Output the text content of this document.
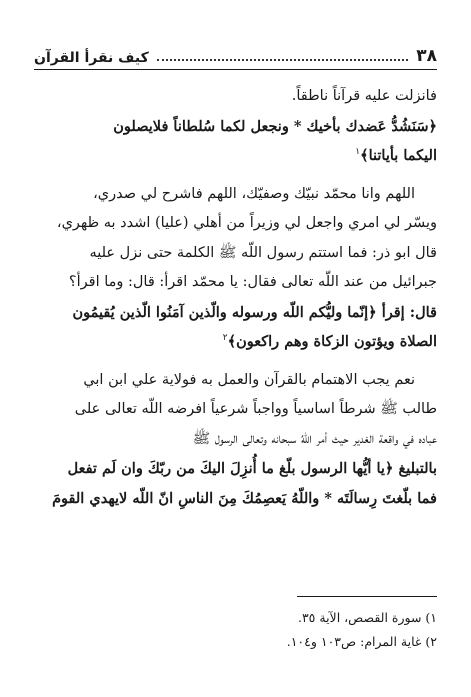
٣٨
كيف نقرأ القرآن

فانزلت عليه قرآناً ناطقاً.

﴿سَنَشُدُّ عَضدك بأخيك * ونجعل لكما سُلطاناً فلايصلون

اليكما بأياتنا﴾$^١$

اللهم وانا محمّد نبيّك وصفيّك، اللهم فاشرح لي صدري،

ويسّر لي امري واجعل لي وزيراً من أهلي (عليا) اشدد به ظهري،

قال ابو ذر: فما استتم رسول اللّه ﷺ الكلمة حتى نزل عليه

جبرائيل من عند اللّه تعالى فقال: يا محمّد اقرأ: قال: وما اقرأ؟

قال: إقرأ ﴿إنّما وليُّكم اللّه ورسوله والّذين آمَنُوا الّذين يُقيمُون

الصلاة ويؤتون الزكاة وهم راكعون﴾$^٢$

نعم يجب الاهتمام بالقرآن والعمل به فولاية علي ابن ابي

طالب ﷺ شرطاً اساسياً وواجباً شرعياً افرضه اللّه تعالى على

عباده في واقعة الغدير حيث أمر اللّهُ سبحانه وتعالى الرسول ﷺ

بالتبليغ ﴿يا أيُّها الرسول بلّغ ما أُنزِلَ اليكَ من ربّكَ وان لَم تفعل

فما بلّغتَ رِسالَتَه * واللّهُ يَعصِمُكَ مِنَ الناسِ انّ اللّه لايهدي القومَ

١) سورة القصص، الآية ٣٥.
٢) غاية المرام: ص١٠٣ و١٠٤.
